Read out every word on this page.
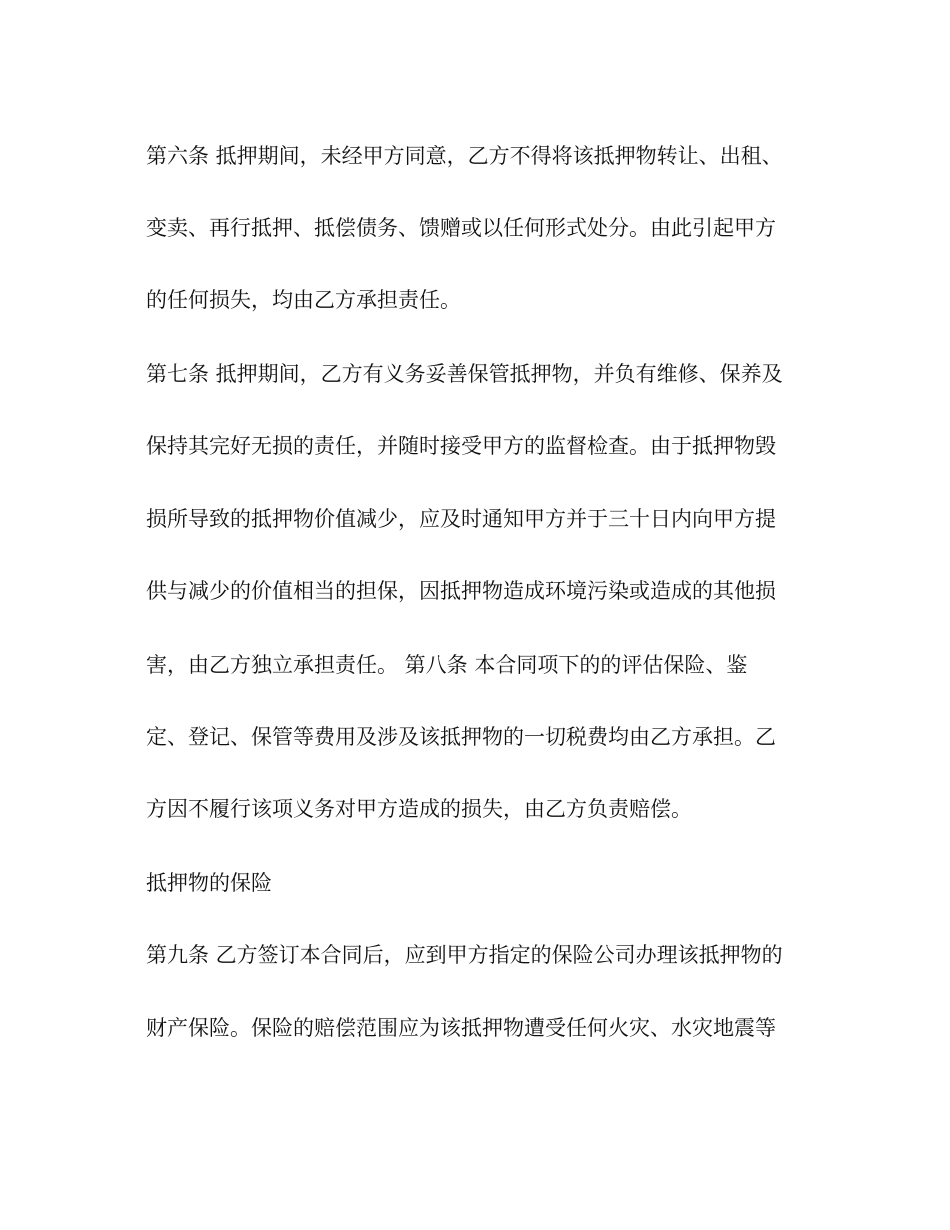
第六条 抵押期间，未经甲方同意，乙方不得将该抵押物转让、出租、
变卖、再行抵押、抵偿债务、馈赠或以任何形式处分。由此引起甲方
的任何损失，均由乙方承担责任。
第七条 抵押期间，乙方有义务妥善保管抵押物，并负有维修、保养及
保持其完好无损的责任，并随时接受甲方的监督检查。由于抵押物毁
损所导致的抵押物价值减少，应及时通知甲方并于三十日内向甲方提
供与减少的价值相当的担保，因抵押物造成环境污染或造成的其他损
害，由乙方独立承担责任。 第八条 本合同项下的的评估保险、鉴
定、登记、保管等费用及涉及该抵押物的一切税费均由乙方承担。乙
方因不履行该项义务对甲方造成的损失，由乙方负责赔偿。
抵押物的保险
第九条 乙方签订本合同后，应到甲方指定的保险公司办理该抵押物的
财产保险。保险的赔偿范围应为该抵押物遭受任何火灾、水灾地震等
